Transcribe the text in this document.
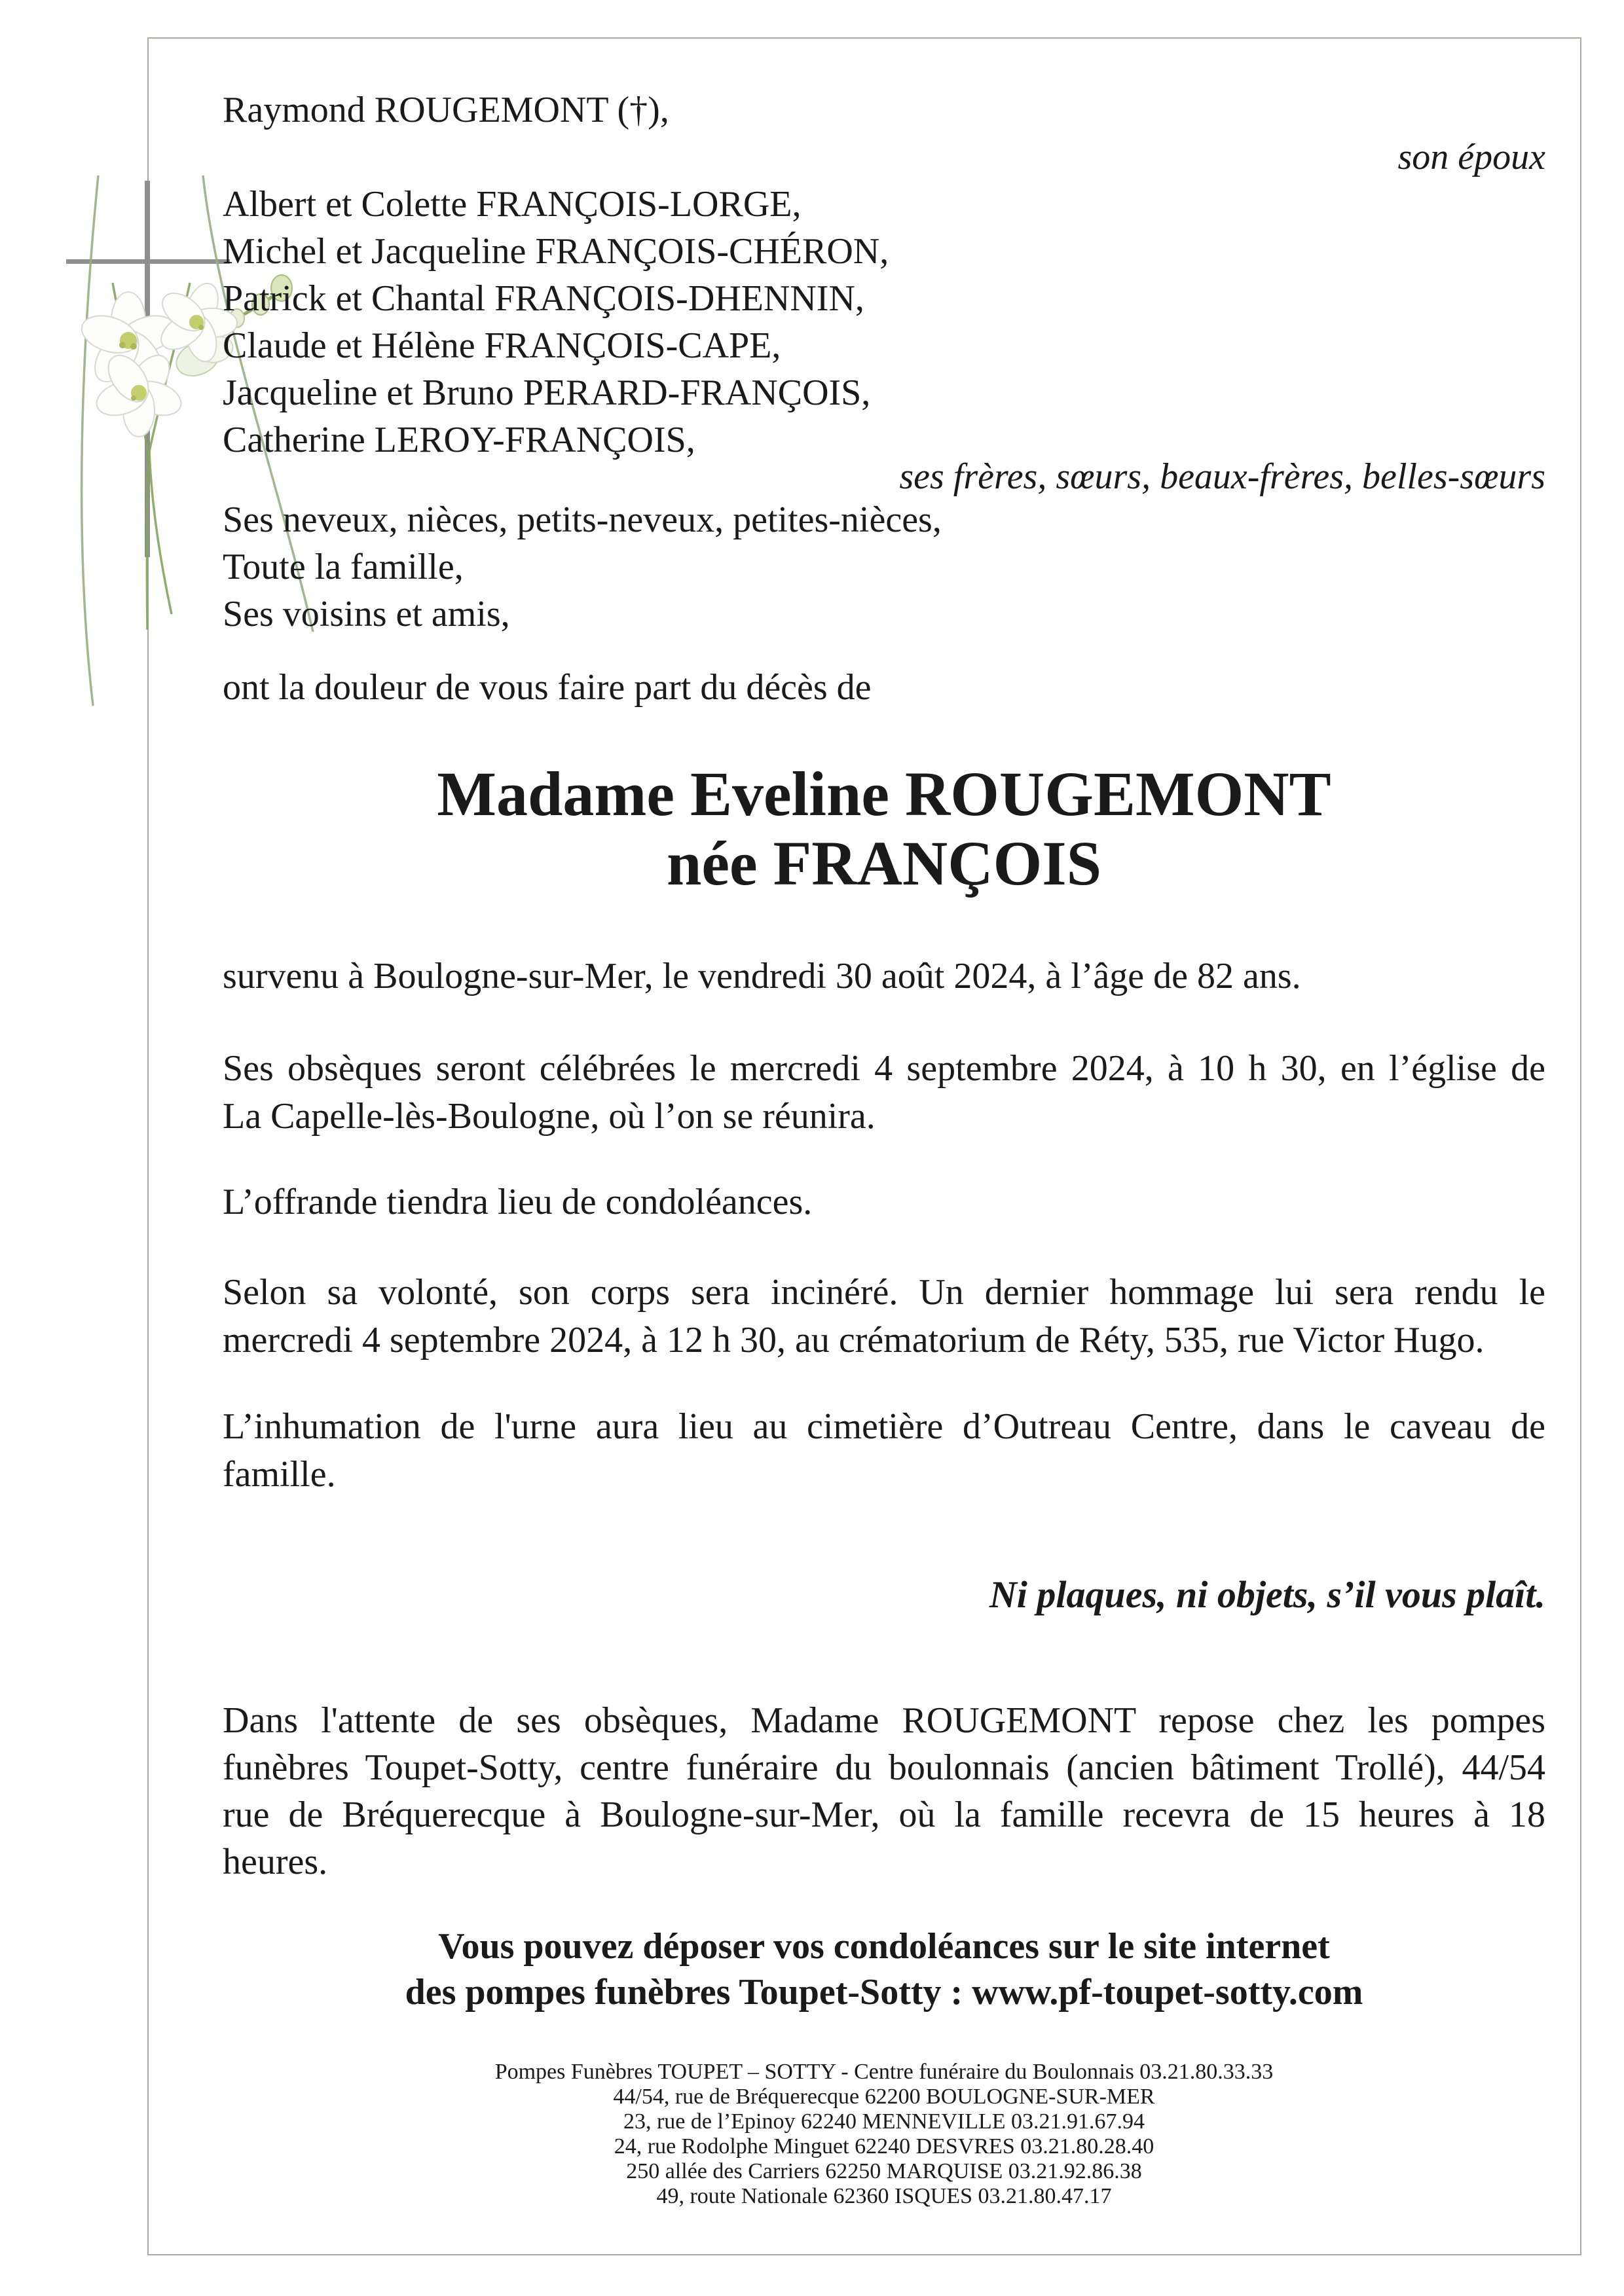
Raymond ROUGEMONT (†),
son époux
Albert et Colette FRANÇOIS-LORGE,
Michel et Jacqueline FRANÇOIS-CHÉRON,
Patrick et Chantal FRANÇOIS-DHENNIN,
Claude et Hélène FRANÇOIS-CAPE,
Jacqueline et Bruno PERARD-FRANÇOIS,
Catherine LEROY-FRANÇOIS,
ses frères, sœurs, beaux-frères, belles-sœurs
Ses neveux, nièces, petits-neveux, petites-nièces,
Toute la famille,
Ses voisins et amis,
ont la douleur de vous faire part du décès de
Madame Eveline ROUGEMONT
née FRANÇOIS
survenu à Boulogne-sur-Mer, le vendredi 30 août 2024, à l’âge de 82 ans.
Ses obsèques seront célébrées le mercredi 4 septembre 2024, à 10 h 30, en l’église de
La Capelle-lès-Boulogne, où l’on se réunira.
L’offrande tiendra lieu de condoléances.
Selon sa volonté, son corps sera incinéré. Un dernier hommage lui sera rendu le
mercredi 4 septembre 2024, à 12 h 30, au crématorium de Réty, 535, rue Victor Hugo.
L’inhumation de l'urne aura lieu au cimetière d’Outreau Centre, dans le caveau de
famille.
Ni plaques, ni objets, s’il vous plaît.
Dans l'attente de ses obsèques, Madame ROUGEMONT repose chez les pompes
funèbres Toupet-Sotty, centre funéraire du boulonnais (ancien bâtiment Trollé), 44/54
rue de Bréquerecque à Boulogne-sur-Mer, où la famille recevra de 15 heures à 18
heures.
Vous pouvez déposer vos condoléances sur le site internet
des pompes funèbres Toupet-Sotty : www.pf-toupet-sotty.com
Pompes Funèbres TOUPET – SOTTY - Centre funéraire du Boulonnais 03.21.80.33.33
44/54, rue de Bréquerecque 62200 BOULOGNE-SUR-MER
23, rue de l’Epinoy 62240 MENNEVILLE 03.21.91.67.94
24, rue Rodolphe Minguet 62240 DESVRES 03.21.80.28.40
250 allée des Carriers 62250 MARQUISE 03.21.92.86.38
49, route Nationale 62360 ISQUES 03.21.80.47.17
